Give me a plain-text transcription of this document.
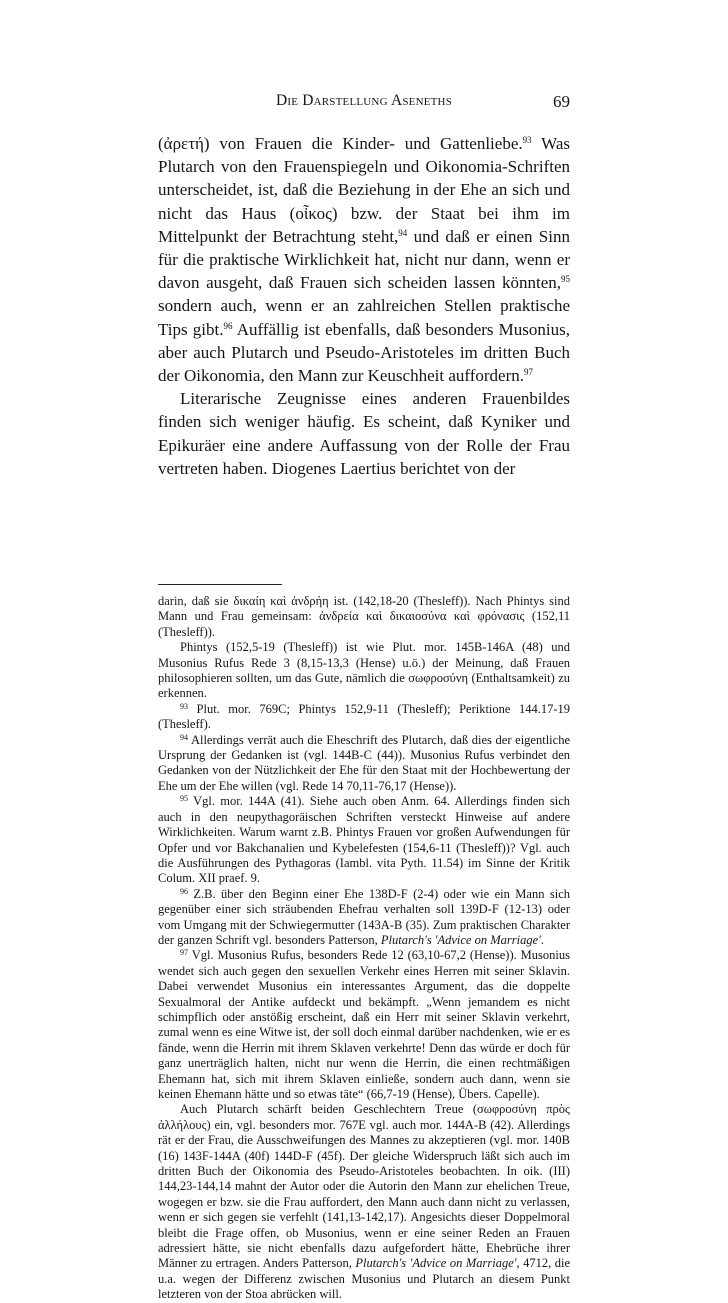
Die Darstellung Aseneths	69

(ἀρετή) von Frauen die Kinder- und Gattenliebe.$^{93}$ Was Plutarch von den Frauenspiegeln und Oikonomia-Schriften unterscheidet, ist, daß die Beziehung in der Ehe an sich und nicht das Haus (οἶκος) bzw. der Staat bei ihm im Mittelpunkt der Betrachtung steht,$^{94}$ und daß er einen Sinn für die praktische Wirklichkeit hat, nicht nur dann, wenn er davon ausgeht, daß Frauen sich scheiden lassen könnten,$^{95}$ sondern auch, wenn er an zahlreichen Stellen praktische Tips gibt.$^{96}$ Auffällig ist ebenfalls, daß besonders Musonius, aber auch Plutarch und Pseudo-Aristoteles im dritten Buch der Oikonomia, den Mann zur Keuschheit auffordern.$^{97}$

Literarische Zeugnisse eines anderen Frauenbildes finden sich weniger häufig. Es scheint, daß Kyniker und Epikuräer eine andere Auffassung von der Rolle der Frau vertreten haben. Diogenes Laertius berichtet von der

darin, daß sie δικαίη καὶ ἀνδρήη ist. (142,18-20 (Thesleff)). Nach Phintys sind Mann und Frau gemeinsam: ἀνδρεία καὶ δικαιοσύνα καὶ φρόνασις (152,11 (Thesleff)).

Phintys (152,5-19 (Thesleff)) ist wie Plut. mor. 145B-146A (48) und Musonius Rufus Rede 3 (8,15-13,3 (Hense) u.ö.) der Meinung, daß Frauen philosophieren sollten, um das Gute, nämlich die σωφροσύνη (Enthaltsamkeit) zu erkennen.

$^{93}$ Plut. mor. 769C; Phintys 152,9-11 (Thesleff); Periktione 144.17-19 (Thesleff).

$^{94}$ Allerdings verrät auch die Eheschrift des Plutarch, daß dies der eigentliche Ursprung der Gedanken ist (vgl. 144B-C (44)). Musonius Rufus verbindet den Gedanken von der Nützlichkeit der Ehe für den Staat mit der Hochbewertung der Ehe um der Ehe willen (vgl. Rede 14 70,11-76,17 (Hense)).

$^{95}$ Vgl. mor. 144A (41). Siehe auch oben Anm. 64. Allerdings finden sich auch in den neupythagoräischen Schriften versteckt Hinweise auf andere Wirklichkeiten. Warum warnt z.B. Phintys Frauen vor großen Aufwendungen für Opfer und vor Bakchanalien und Kybelefesten (154,6-11 (Thesleff))? Vgl. auch die Ausführungen des Pythagoras (Iambl. vita Pyth. 11.54) im Sinne der Kritik Colum. XII praef. 9.

$^{96}$ Z.B. über den Beginn einer Ehe 138D-F (2-4) oder wie ein Mann sich gegenüber einer sich sträubenden Ehefrau verhalten soll 139D-F (12-13) oder vom Umgang mit der Schwiegermutter (143A-B (35). Zum praktischen Charakter der ganzen Schrift vgl. besonders Patterson, Plutarch's 'Advice on Marriage'.

$^{97}$ Vgl. Musonius Rufus, besonders Rede 12 (63,10-67,2 (Hense)). Musonius wendet sich auch gegen den sexuellen Verkehr eines Herren mit seiner Sklavin. Dabei verwendet Musonius ein interessantes Argument, das die doppelte Sexualmoral der Antike aufdeckt und bekämpft. „Wenn jemandem es nicht schimpflich oder anstößig erscheint, daß ein Herr mit seiner Sklavin verkehrt, zumal wenn es eine Witwe ist, der soll doch einmal darüber nachdenken, wie er es fände, wenn die Herrin mit ihrem Sklaven verkehrte! Denn das würde er doch für ganz unerträglich halten, nicht nur wenn die Herrin, die einen rechtmäßigen Ehemann hat, sich mit ihrem Sklaven einließe, sondern auch dann, wenn sie keinen Ehemann hätte und so etwas täte“ (66,7-19 (Hense), Übers. Capelle).

Auch Plutarch schärft beiden Geschlechtern Treue (σωφροσύνη πρὸς ἀλλήλους) ein, vgl. besonders mor. 767E vgl. auch mor. 144A-B (42). Allerdings rät er der Frau, die Ausschweifungen des Mannes zu akzeptieren (vgl. mor. 140B (16) 143F-144A (40f) 144D-F (45f). Der gleiche Widerspruch läßt sich auch im dritten Buch der Oikonomia des Pseudo-Aristoteles beobachten. In oik. (III) 144,23-144,14 mahnt der Autor oder die Autorin den Mann zur ehelichen Treue, wogegen er bzw. sie die Frau auffordert, den Mann auch dann nicht zu verlassen, wenn er sich gegen sie verfehlt (141,13-142,17). Angesichts dieser Doppelmoral bleibt die Frage offen, ob Musonius, wenn er eine seiner Reden an Frauen adressiert hätte, sie nicht ebenfalls dazu aufgefordert hätte, Ehebrüche ihrer Männer zu ertragen. Anders Patterson, Plutarch's 'Advice on Marriage', 4712, die u.a. wegen der Differenz zwischen Musonius und Plutarch an diesem Punkt letzteren von der Stoa abrücken will.
